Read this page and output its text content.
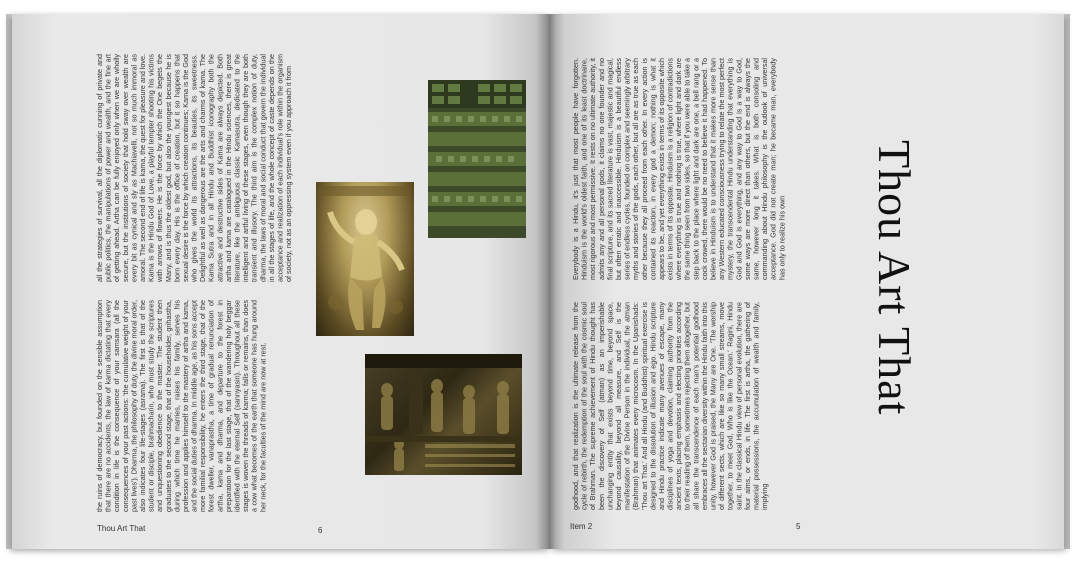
all the strategies of survival, all the diplomatic cunning of private and public politics, the manipulations of power and wealth, and the fine art of getting ahead. Artha can be fully enjoyed only when we are wholly secure, but the institutions of society that hold sway over wealth are every bit as cynical and sly as Machiavelli, not so much immoral as amoral. The second end of life is kama, the quest for pleasure and love. Kama is the Hindu God of Love, a playful tempter shooting his victims with arrows of flowers. He is the force by which the One begets the Many, and is thus the oldest god, but also the youngest because he is born every day. His is the office of creation, but it so happens that sexual desire is the force by which creation continues; Kama is the God who gives the world its attractions, its beauties, its sweetness. Delightful as well as dangerous are the arts and charms of kama. The Kama Sutra and in all Hindu and Buddhist iconography both the attractive and destructive sides of Kama are always depicted. Both artha and kama are catalogued in the Hindu sciences, there is great literature, like the ambiguous classic Kamasutra, dedicated to the intelligent and artful living of these stages, even though they are both transient and illusory. The third aim is the complex notion of duty, dharma, the laws of moral and social conduct that govern the individual in all the stages of life, and the whole concept of caste depends on the acceptance and realization of each individual's role within the organism of society, not as an oppressing system even if you approach it from
the ruins of democracy, but founded on the sensible assumption that there are no accidents, the law of karma dictating that every condition in life is the consequence of your samsara (all the consequences of your past actions: 'the cumulative weight of your past lives'). Dharma, the philosophy of duty, the divine moral order, also indicates four life-stages (asrama). The first is that of the student or disciple, brahmacharin, who must study the scriptures and unquestioning obedience to the master. The student then graduates to the second stage, that of the householder, grihastha, during which time he marries, raises his family, serves his profession and applies himself to the mastery of artha and kama, and the social duties of dharma. In middle age, as his sons accept more familial responsibility, he enters the third stage, that of the forest dweller, vanaprastha, a time of gradual renunciation of artha, kama and dharma, and departure to the forest in preparation for the last stage, that of the wandering holy beggar identified with the eternal Self (sannyasin). Throughout all these stages is woven the threads of karma; falls or remains, than does a cow what becomes of the earth that someone has hung around her neck, for the faculties of the mind are now at rest.
Thou Art That	6
Everybody is a Hindu, it's just that most people have forgotten. Hinduism is the world's oldest faith, and one of its least doctrinaire, most rigorous and most permissive. It rests on no ultimate authority, it admits any and all personal gods, it claims no one founder and no final scripture, and its sacred literature is vast, majestic and magical, but often erratic and inaccessible. Hinduism is a beautiful endless series of endless cycles, founded on complex and seemingly arbitrary myths and stories of the gods, each other, but all are as true as each other because they all proceed from each other. In every action is contained its reaction, in every god a demon; nothing is what it appears to be, and yet everything exists in terms of its opposite which exists in terms of its opposite. Hinduism is a religion of contradictions where everything is true and nothing is true, where light and dark are the same thing seen from two sides, so that if you were able to take a step back to the place where light and dark are one, a bell rang or a cock crowed, there would be no need to believe it had happened. To believe in Hinduism is to understand that it makes more sense than any Western educated consciousness trying to relate the most perfect mystery, the transcendental Hindu understanding that everything is God and God is everything, and any way to God is a way to God, some ways are more direct than others, but the end is always the same, however long it takes. What is both consoling and commanding about Hindu philosophy is the outlook of universal acceptance. God did not create man; he became man, everybody has only to realize his own
godhood, and that realization is the ultimate release from the cycle of rebirth, the redemption of the soul with the cosmic soul of Brahman. The supreme achievement of Hindu thought has been the discovery of Self (atman) as an imperishable unchanging entity that exists beyond time, beyond space, beyond causality, beyond all measure, and Self is the manifestation of the Divine Person in the individual, the atman (Brahman) that animates every microcosm. In the Upanishads: 'Thou art That.' And all Hindu (and Buddhist) spiritual exercise is designed to the dissolution of illusion and ego. Hindu scripture and Hindu practice indicate many avenues of escape, many disciplines of yoga and devotion, claiming authority from the ancient texts, placing emphasis and electing priorities according to their reading of them, sometimes rejecting them altogether, but all share the transcendence of each man's potential godhood embraces all the sectarian diversity within the Hindu faith into this unity, however God is praised, the Many are One. 'The worship of different sects, which are like so many small streams, move together, to meet God, Who is like the Ocean.' Ragini, Hindu saint. In the classical Hindu view of personal evolution, there are four aims, or ends, in life. The first is artha, the gathering of material possessions, the accumulation of wealth and family, implying
Item 2	5
Thou Art That
